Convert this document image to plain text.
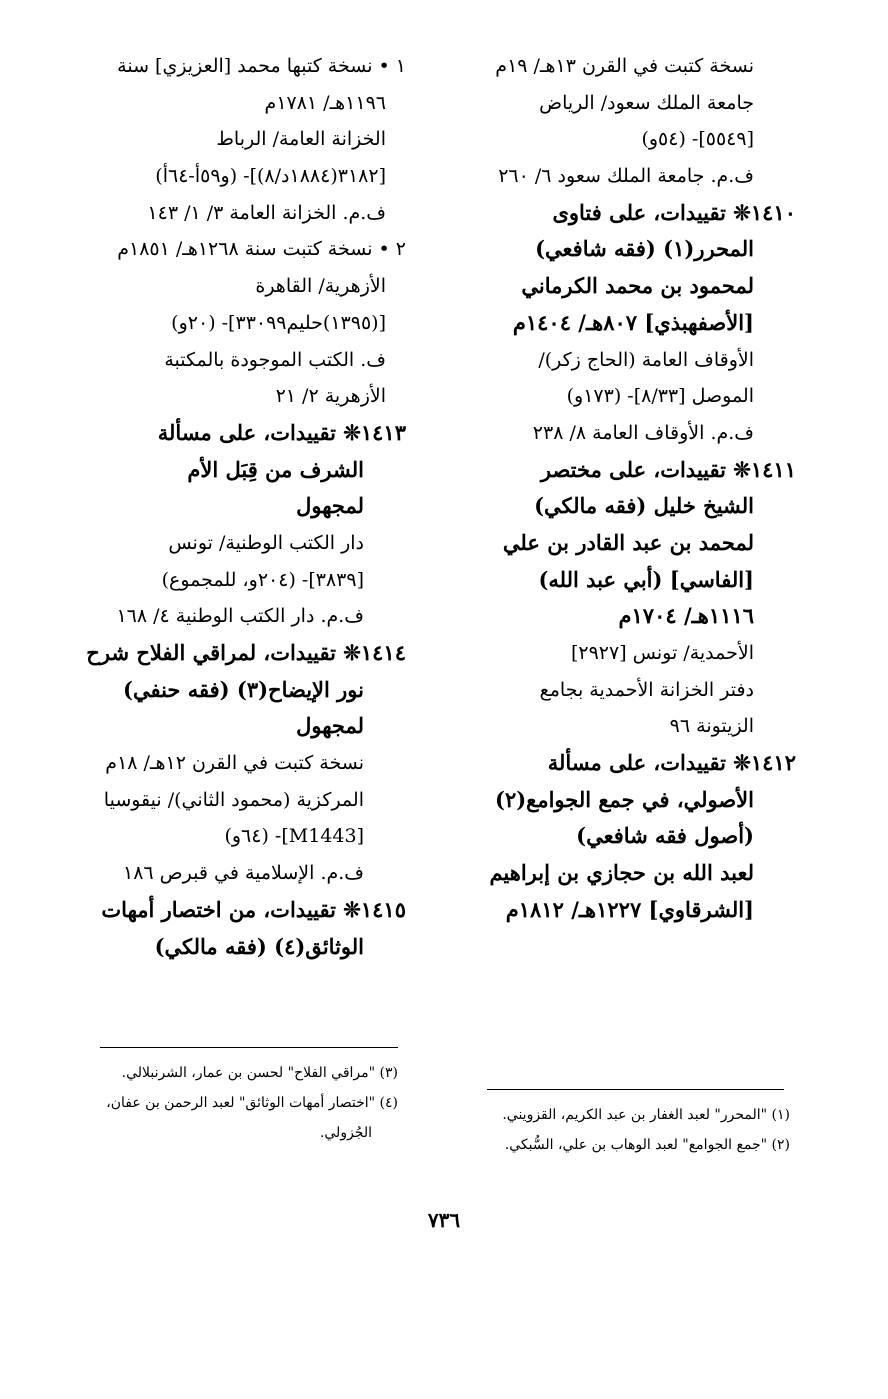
نسخة كتبت في القرن ١٣هـ/ ١٩م
جامعة الملك سعود/ الرياض
[٥٥٤٩]- (٥٤و)
ف.م. جامعة الملك سعود ٦/ ٢٦٠
١٤١٠❊ تقييدات، على فتاوى
المحرر(١) (فقه شافعي)
لمحمود بن محمد الكرماني
[الأصفهبذي] ٨٠٧هـ/ ١٤٠٤م
الأوقاف العامة (الحاج زكر)/
الموصل [٨/٣٣]- (١٧٣و)
ف.م. الأوقاف العامة ٨/ ٢٣٨
١٤١١❊ تقييدات، على مختصر
الشيخ خليل (فقه مالكي)
لمحمد بن عبد القادر بن علي
[الفاسي] (أبي عبد الله)
١١١٦هـ/ ١٧٠٤م
الأحمدية/ تونس [٢٩٢٧]
دفتر الخزانة الأحمدية بجامع
الزيتونة ٩٦
١٤١٢❊ تقييدات، على مسألة
الأصولي، في جمع الجوامع(٢)
(أصول فقه شافعي)
لعبد الله بن حجازي بن إبراهيم
[الشرقاوي] ١٢٢٧هـ/ ١٨١٢م
١ • نسخة كتبها محمد [العزيزي] سنة
١١٩٦هـ/ ١٧٨١م
الخزانة العامة/ الرباط
[٣١٨٢(١٨٨٤د/٨)]- (و٥٩أ-٦٤أ)
ف.م. الخزانة العامة ٣/ ١/ ١٤٣
٢ • نسخة كتبت سنة ١٢٦٨هـ/ ١٨٥١م
الأزهرية/ القاهرة
[(١٣٩٥)حليم٣٣٠٩٩]- (٢٠و)
ف. الكتب الموجودة بالمكتبة
الأزهرية ٢/ ٢١
١٤١٣❊ تقييدات، على مسألة
الشرف من قِبَل الأم
لمجهول
دار الكتب الوطنية/ تونس
[٣٨٣٩]- (٢٠٤و، للمجموع)
ف.م. دار الكتب الوطنية ٤/ ١٦٨
١٤١٤❊ تقييدات، لمراقي الفلاح شرح
نور الإيضاح(٣) (فقه حنفي)
لمجهول
نسخة كتبت في القرن ١٢هـ/ ١٨م
المركزية (محمود الثاني)/ نيقوسيا
[M1443]- (٦٤و)
ف.م. الإسلامية في قبرص ١٨٦
١٤١٥❊ تقييدات، من اختصار أمهات
الوثائق(٤) (فقه مالكي)
(٣) "مراقي الفلاح" لحسن بن عمار، الشرنبلالي.
(٤) "اختصار أمهات الوثائق" لعبد الرحمن بن عفان،
الجُزولي.
(١) "المحرر" لعبد الغفار بن عبد الكريم، القزويني.
(٢) "جمع الجوامع" لعبد الوهاب بن علي، السُّبكي.
٧٣٦
